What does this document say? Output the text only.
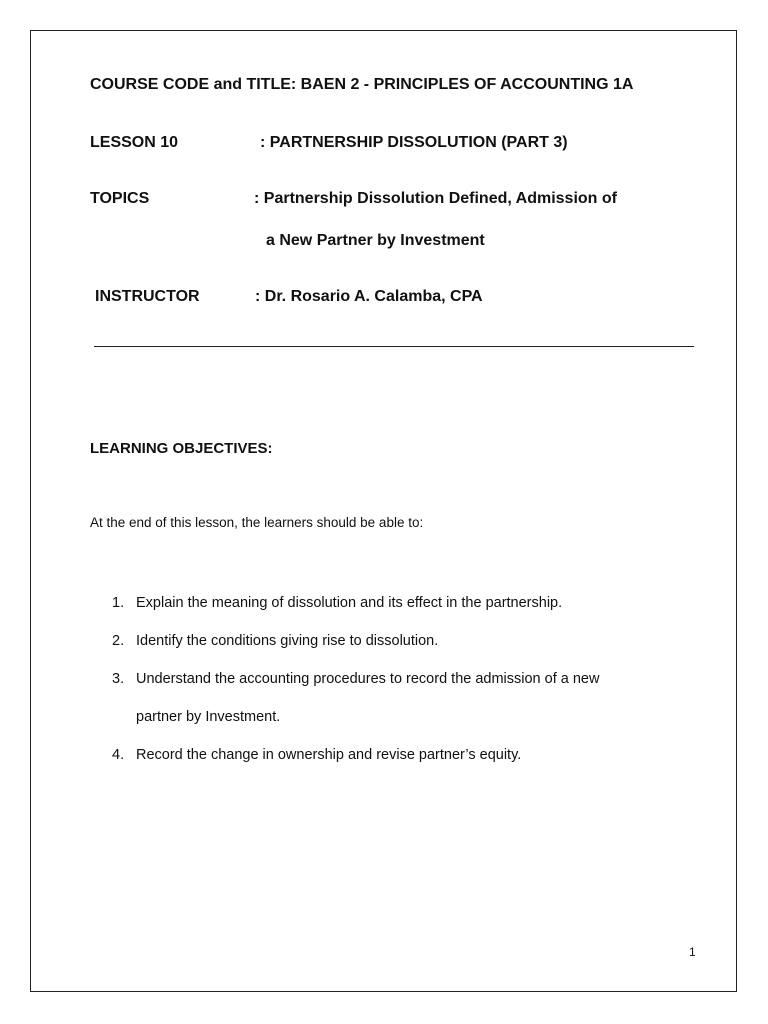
COURSE CODE and TITLE: BAEN 2 - PRINCIPLES OF ACCOUNTING 1A
LESSON 10	: PARTNERSHIP DISSOLUTION (PART 3)
TOPICS	: Partnership Dissolution Defined, Admission of
a New Partner by Investment
INSTRUCTOR	: Dr. Rosario A. Calamba, CPA
LEARNING OBJECTIVES:
At the end of this lesson, the learners should be able to:
1. Explain the meaning of dissolution and its effect in the partnership.
2. Identify the conditions giving rise to dissolution.
3. Understand the accounting procedures to record the admission of a new
partner by Investment.
4. Record the change in ownership and revise partner’s equity.
1
